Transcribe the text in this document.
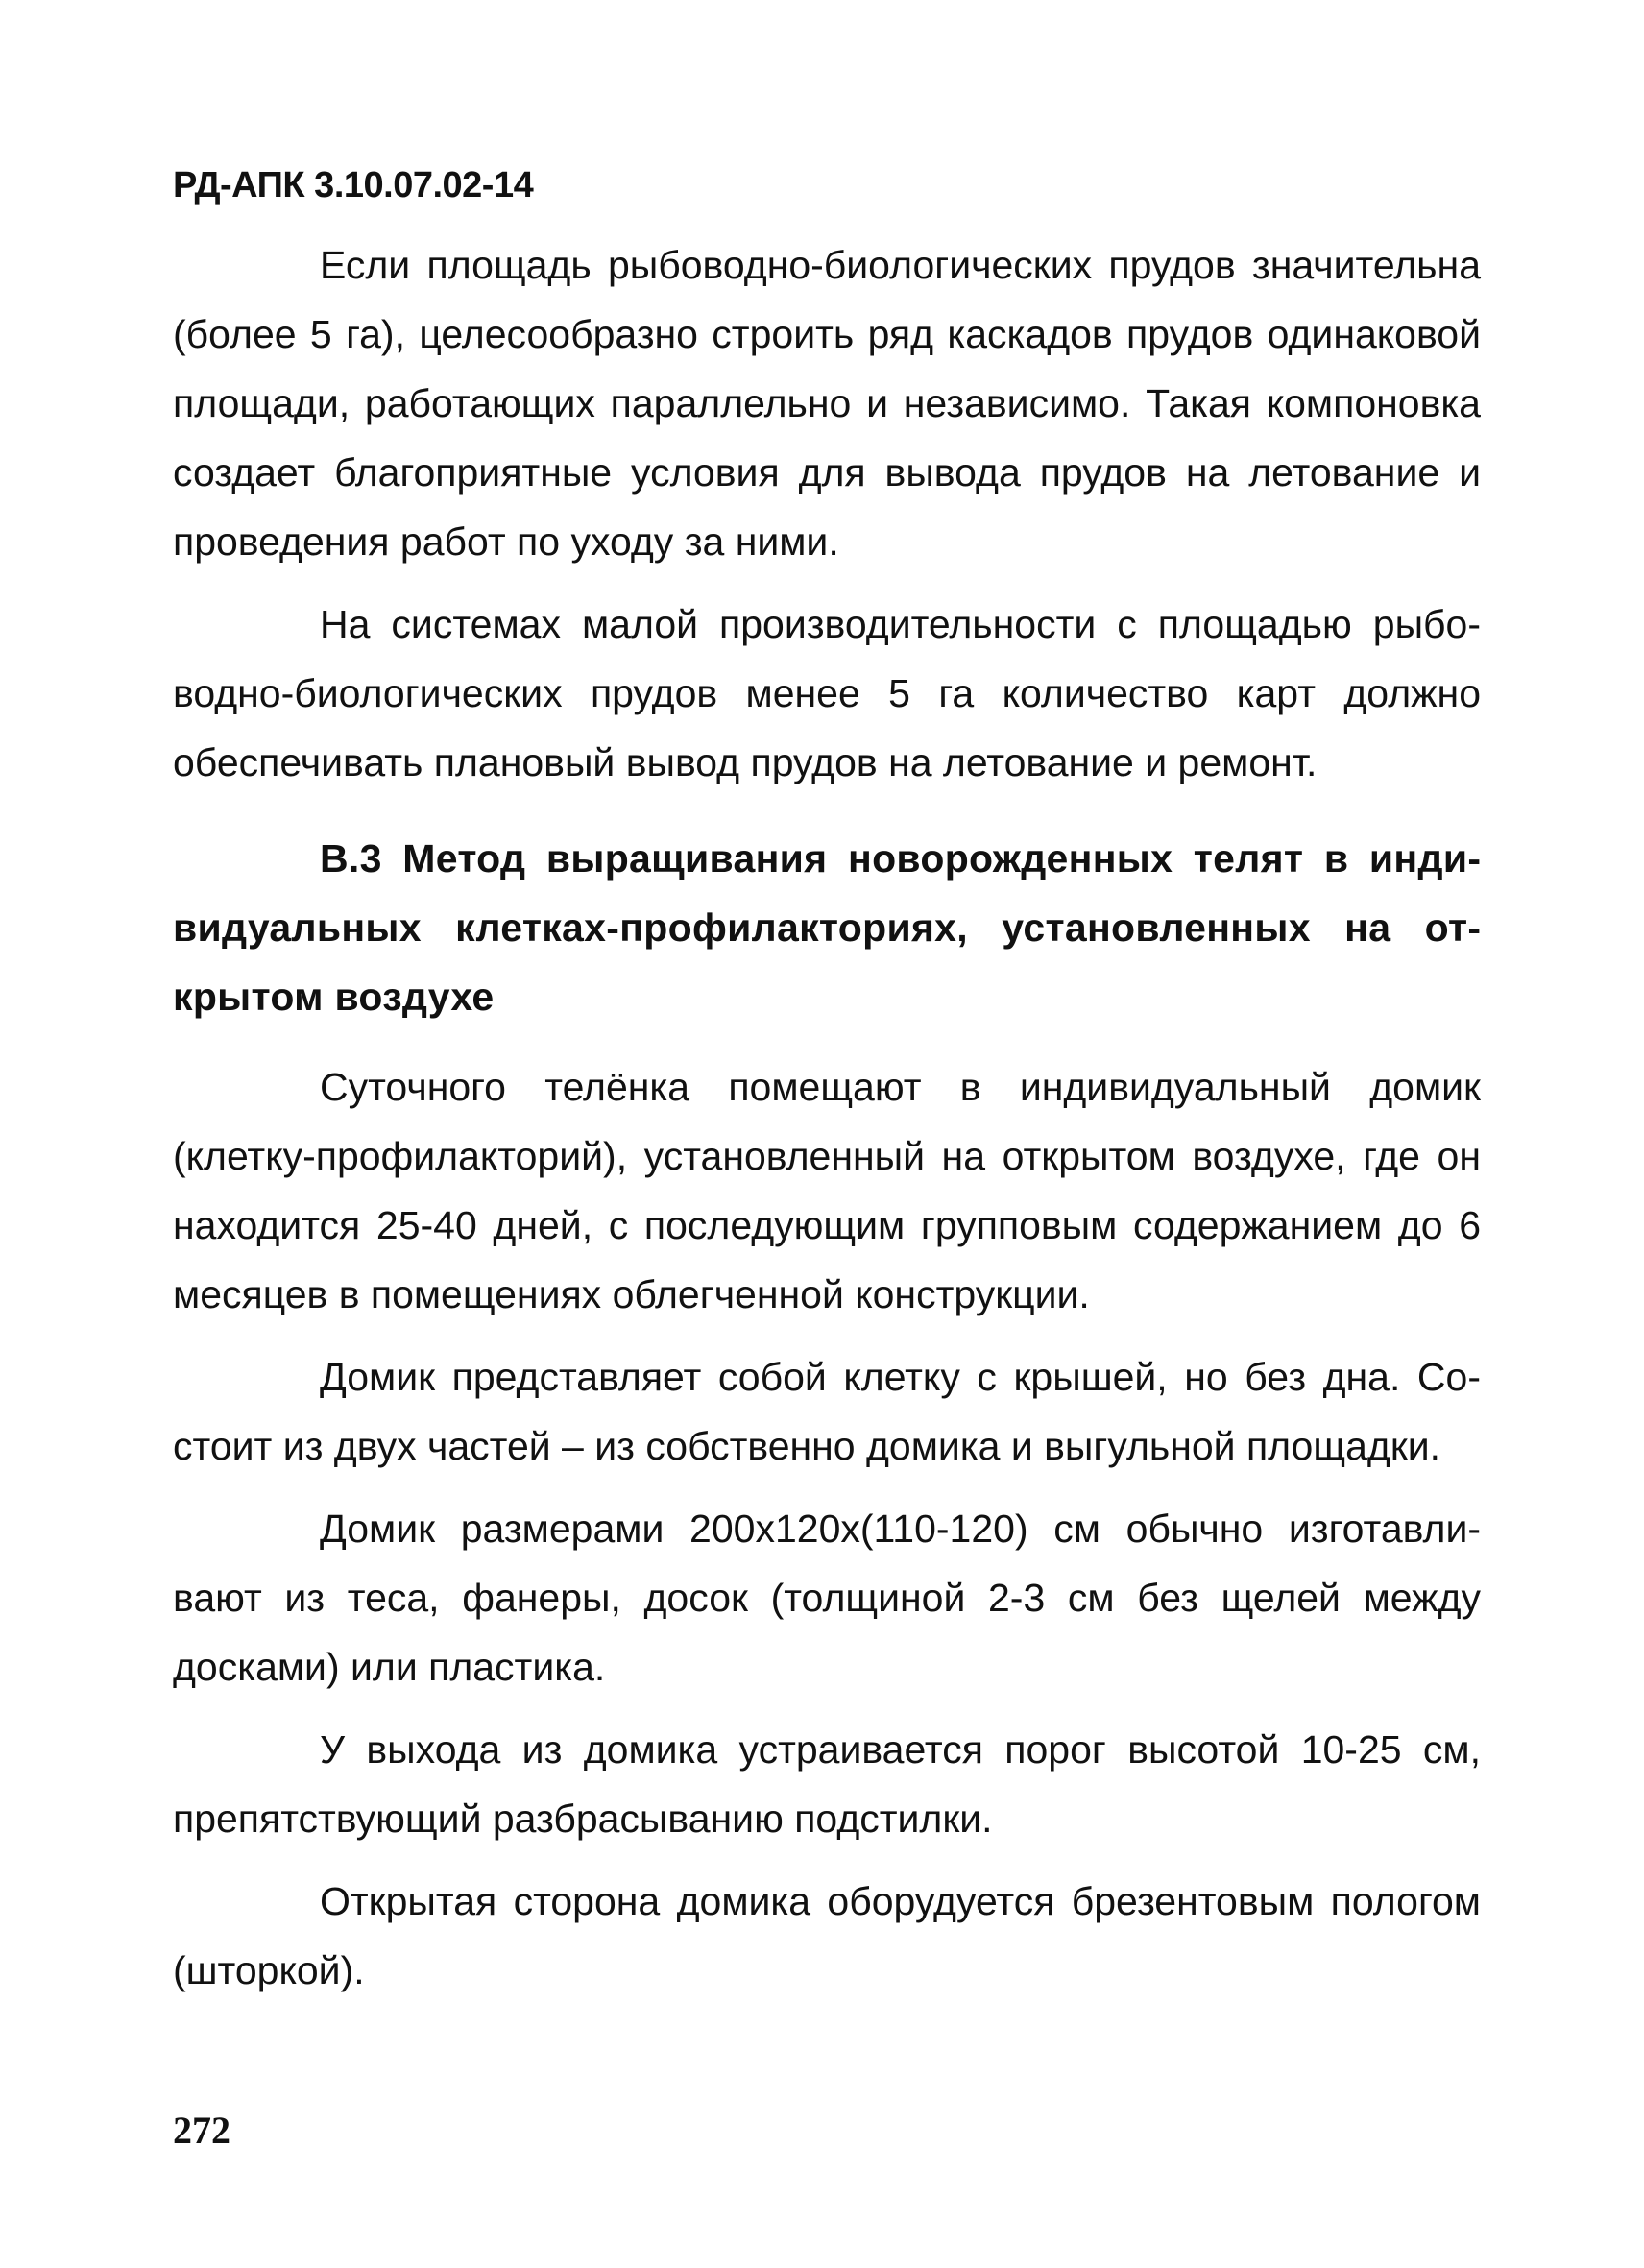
РД-АПК 3.10.07.02-14

Если площадь рыбоводно-биологических прудов значительна (более 5 га), целесообразно строить ряд каскадов прудов одинаковой площади, работающих параллельно и независимо. Такая компоновка создает благоприятные условия для вывода прудов на летование и проведения работ по уходу за ними.

На системах малой производительности с площадью рыбоводно-биологических прудов менее 5 га количество карт должно обеспечивать плановый вывод прудов на летование и ремонт.

В.3 Метод выращивания новорожденных телят в индивидуальных клетках-профилакториях, установленных на открытом воздухе

Суточного телёнка помещают в индивидуальный домик (клетку-профилакторий), установленный на открытом воздухе, где он находится 25-40 дней, с последующим групповым содержанием до 6 месяцев в помещениях облегченной конструкции.

Домик представляет собой клетку с крышей, но без дна. Состоит из двух частей – из собственно домика и выгульной площадки.

Домик размерами 200х120х(110-120) см обычно изготавливают из теса, фанеры, досок (толщиной 2-3 см без щелей между досками) или пластика.

У выхода из домика устраивается порог высотой 10-25 см, препятствующий разбрасыванию подстилки.

Открытая сторона домика оборудуется брезентовым пологом (шторкой).

272
